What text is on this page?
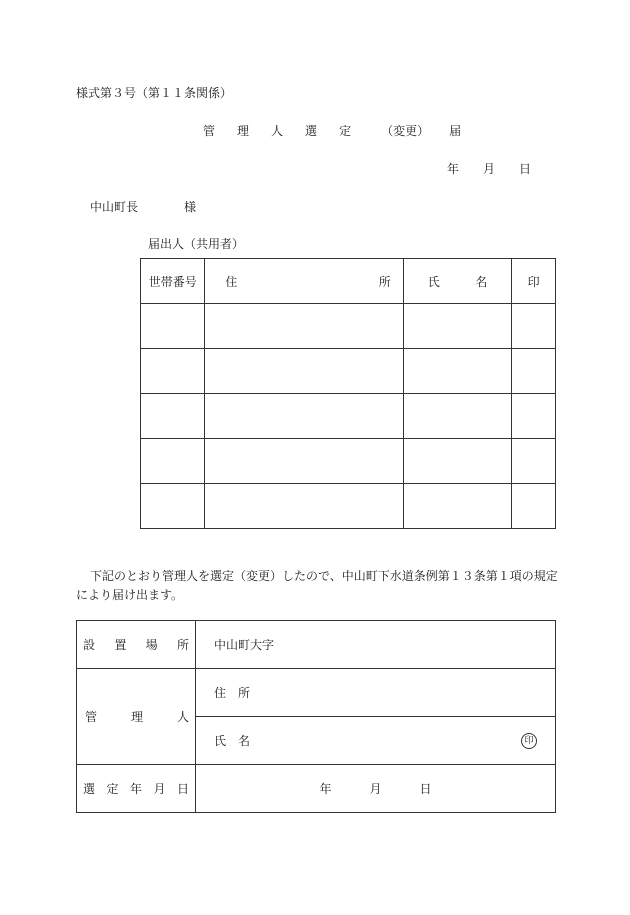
様式第３号（第１１条関係）
管 理 人 選 定	（変更） 届
年 月 日
中山町長	様
届出人（共用者）
世帯番号	住 所	氏 名	印

下記のとおり管理人を選定（変更）したので、中山町下水道条例第１３条第１項の規定
により届け出ます。
設 置 場 所	中山町大字

管 理 人	住　所

	氏　名 印

選 定 年 月 日	年 月 日
